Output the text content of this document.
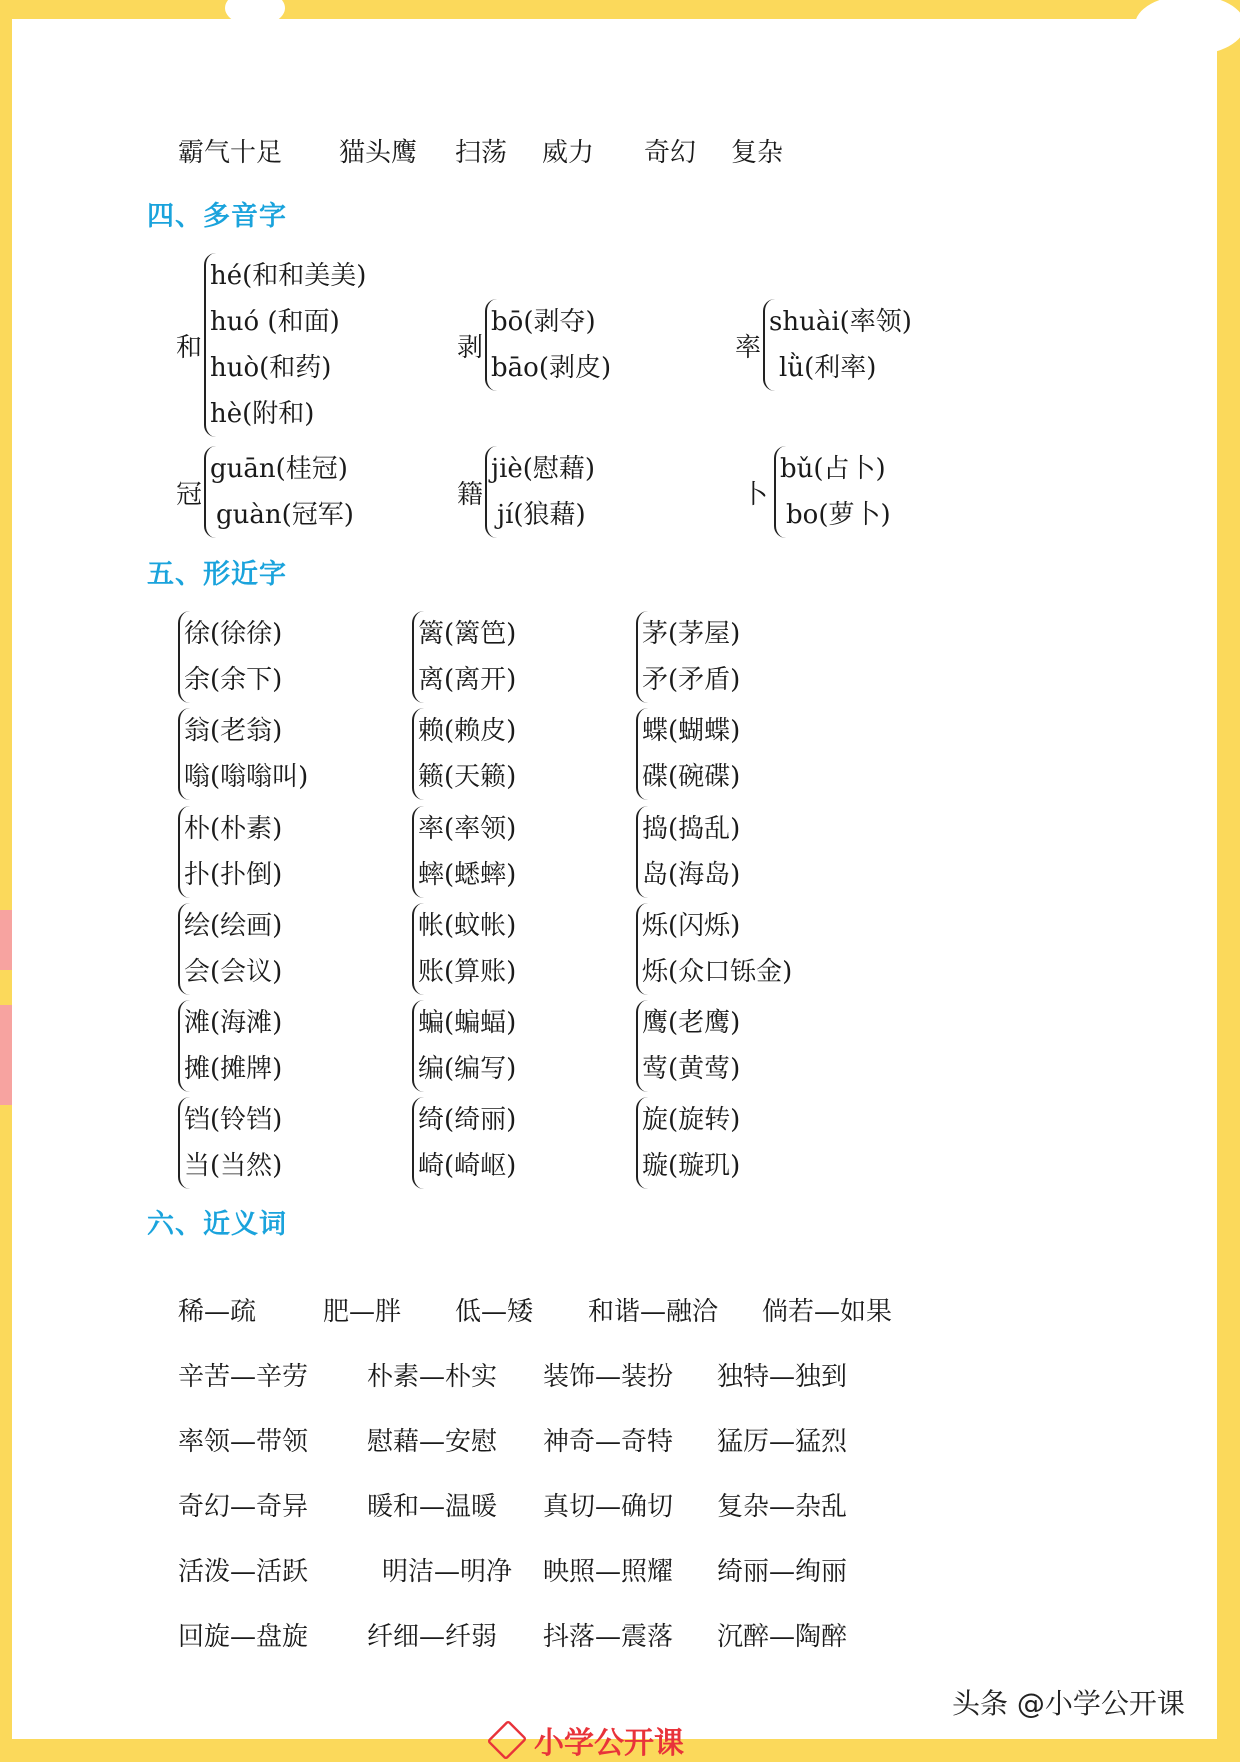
霸气十足 猫头鹰 扫荡 威力 奇幻 复杂
四、多音字
和
hé(和和美美)
huó (和面)
huò(和药)
hè(附和)
剥
bō(剥夺)
bāo(剥皮)
率
shuài(率领)
lǜ(利率)
冠
guān(桂冠)
guàn(冠军)
籍
jiè(慰藉)
jí(狼藉)
卜
bǔ(占卜)
bo(萝卜)
五、形近字
徐(徐徐)
余(余下)
篱(篱笆)
离(离开)
茅(茅屋)
矛(矛盾)
翁(老翁)
嗡(嗡嗡叫)
赖(赖皮)
籁(天籁)
蝶(蝴蝶)
碟(碗碟)
朴(朴素)
扑(扑倒)
率(率领)
蟀(蟋蟀)
捣(捣乱)
岛(海岛)
绘(绘画)
会(会议)
帐(蚊帐)
账(算账)
烁(闪烁)
烁(众口铄金)
滩(海滩)
摊(摊牌)
蝙(蝙蝠)
编(编写)
鹰(老鹰)
莺(黄莺)
铛(铃铛)
当(当然)
绮(绮丽)
崎(崎岖)
旋(旋转)
璇(璇玑)
六、近义词
稀—疏	肥—胖 低—矮 和谐—融洽 倘若—如果
辛苦—辛劳 朴素—朴实 装饰—装扮 独特—独到
率领—带领 慰藉—安慰 神奇—奇特 猛厉—猛烈
奇幻—奇异 暖和—温暖 真切—确切 复杂—杂乱
活泼—活跃	明洁—明净 映照—照耀 绮丽—绚丽
回旋—盘旋 纤细—纤弱 抖落—震落 沉醉—陶醉
头条 @小学公开课
小学公开课
